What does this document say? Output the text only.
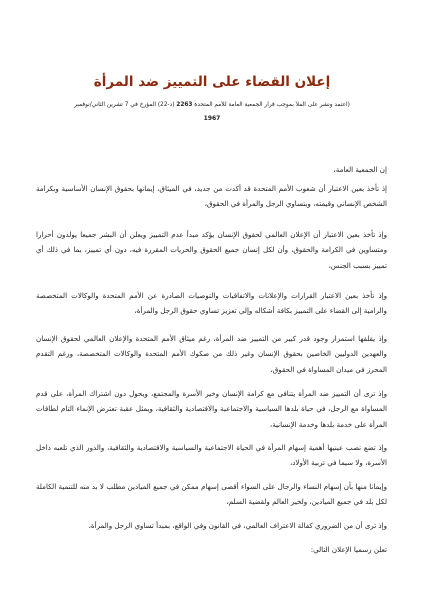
إعلان القضاء على التمييز ضد المرأة
(اعتمد ونشر على الملأ بموجب قرار الجمعية العامة للأمم المتحدة 2263 (د-22) المؤرخ في 7 تشرين الثاني/نوفمبر
1967
إن الجمعية العامة،
إذ تأخذ بعين الاعتبار أن شعوب الأمم المتحدة قد أكدت من جديد، في الميثاق، إيمانها بحقوق الإنسان الأساسية وبكرامة الشخص الإنساني وقيمته، وبتساوي الرجل والمرأة في الحقوق،
وإذ تأخذ بعين الاعتبار أن الإعلان العالمي لحقوق الإنسان يؤكد مبدأ عدم التمييز ويعلن أن البشر جميعا يولدون أحرارا ومتساوين في الكرامة والحقوق، وأن لكل إنسان جميع الحقوق والحريات المقررة فيه، دون أي تمييز، بما في ذلك أي تمييز بسبب الجنس،
وإذ تأخذ بعين الاعتبار القرارات والإعلانات والاتفاقيات والتوصيات الصادرة عن الأمم المتحدة والوكالات المتخصصة والرامية إلى القضاء على التمييز بكافة أشكاله وإلى تعزيز تساوي حقوق الرجل والمرأة،
وإذ يقلقها استمرار وجود قدر كبير من التمييز ضد المرأة، رغم ميثاق الأمم المتحدة والإعلان العالمي لحقوق الإنسان والعهدين الدوليين الخاصين بحقوق الإنسان وغير ذلك من صكوك الأمم المتحدة والوكالات المتخصصة، ورغم التقدم المحرز في ميدان المساواة في الحقوق،
وإذ ترى أن التمييز ضد المرأة يتنافى مع كرامة الإنسان وخير الأسرة والمجتمع، ويحول دون اشتراك المرأة، على قدم المساواة مع الرجل، في حياة بلدها السياسية والاجتماعية والاقتصادية والثقافية، ويمثل عقبة تعترض الإنماء التام لطاقات المرأة على خدمة بلدها وخدمة الإنسانية،
وإذ تضع نصب عينيها أهمية إسهام المرأة في الحياة الاجتماعية والسياسية والاقتصادية والثقافية، والدور الذي تلعبه داخل الأسرة، ولا سيما في تربية الأولاد،
وإيمانا منها بأن إسهام النساء والرجال على السواء أقصى إسهام ممكن في جميع الميادين مطلب لا بد منه للتنمية الكاملة لكل بلد في جميع الميادين، ولخير العالم ولقضية السلم،
وإذ ترى أن من الضروري كفالة الاعتراف العالمي، في القانون وفي الواقع، بمبدأ تساوي الرجل والمرأة،
تعلن رسميا الإعلان التالي:
